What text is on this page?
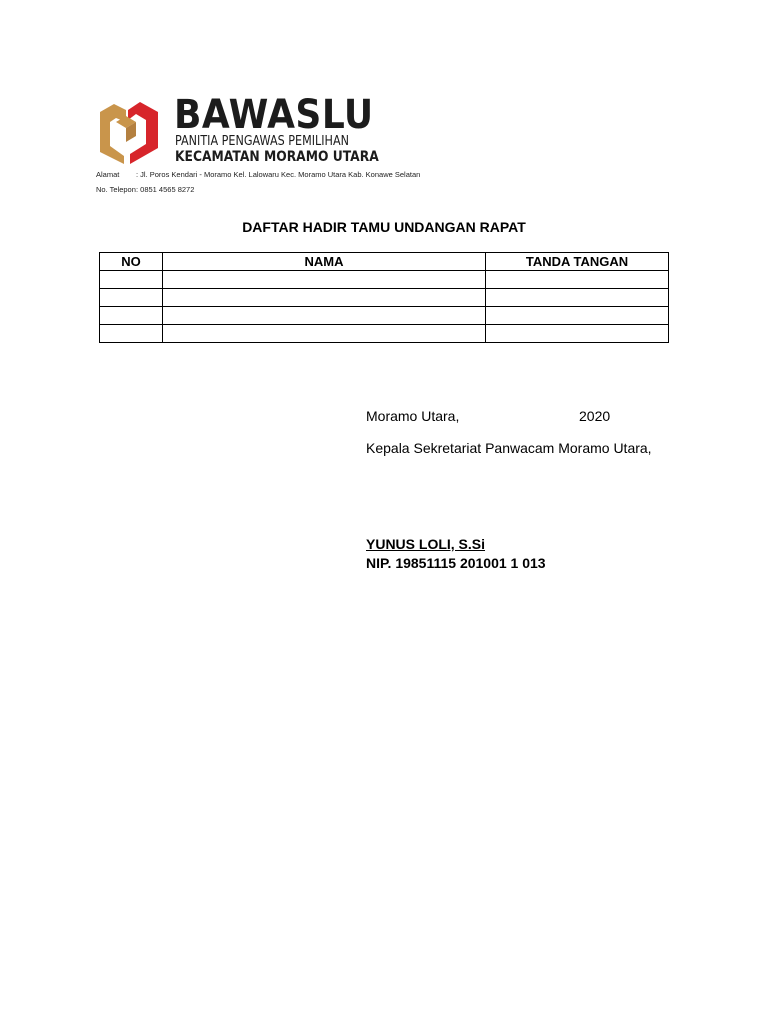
BAWASLU
PANITIA PENGAWAS PEMILIHAN
KECAMATAN MORAMO UTARA
Alamat : Jl. Poros Kendari - Moramo Kel. Lalowaru Kec. Moramo Utara Kab. Konawe Selatan
No. Telepon: 0851 4565 8272
DAFTAR HADIR TAMU UNDANGAN RAPAT
NO	NAMA	TANDA TANGAN

Moramo Utara,	2020
Kepala Sekretariat Panwacam Moramo Utara,
YUNUS LOLI, S.Si
NIP. 19851115 201001 1 013
